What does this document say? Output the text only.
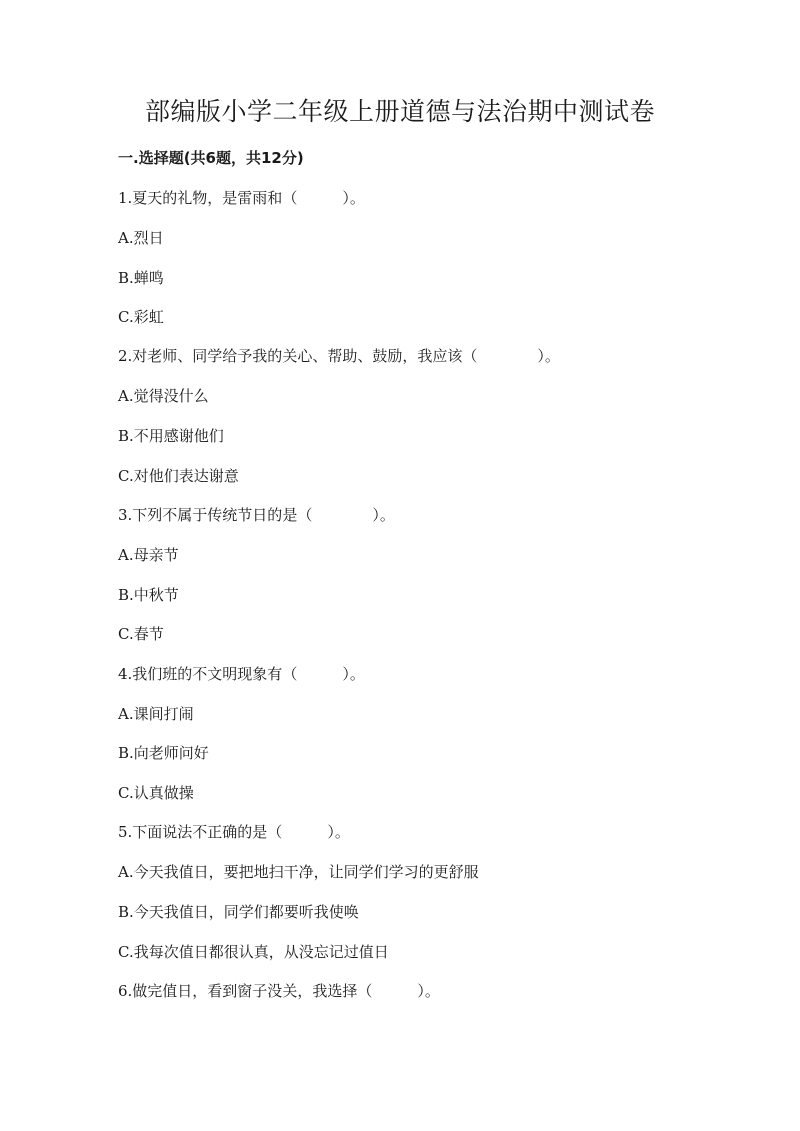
部编版小学二年级上册道德与法治期中测试卷
一.选择题(共6题，共12分)
1.夏天的礼物，是雷雨和（　　　）。
A.烈日
B.蝉鸣
C.彩虹
2.对老师、同学给予我的关心、帮助、鼓励，我应该（　　　　）。
A.觉得没什么
B.不用感谢他们
C.对他们表达谢意
3.下列不属于传统节日的是（　　　　）。
A.母亲节
B.中秋节
C.春节
4.我们班的不文明现象有（　　　）。
A.课间打闹
B.向老师问好
C.认真做操
5.下面说法不正确的是（　　　）。
A.今天我值日，要把地扫干净，让同学们学习的更舒服
B.今天我值日，同学们都要听我使唤
C.我每次值日都很认真，从没忘记过值日
6.做完值日，看到窗子没关，我选择（　　　）。
